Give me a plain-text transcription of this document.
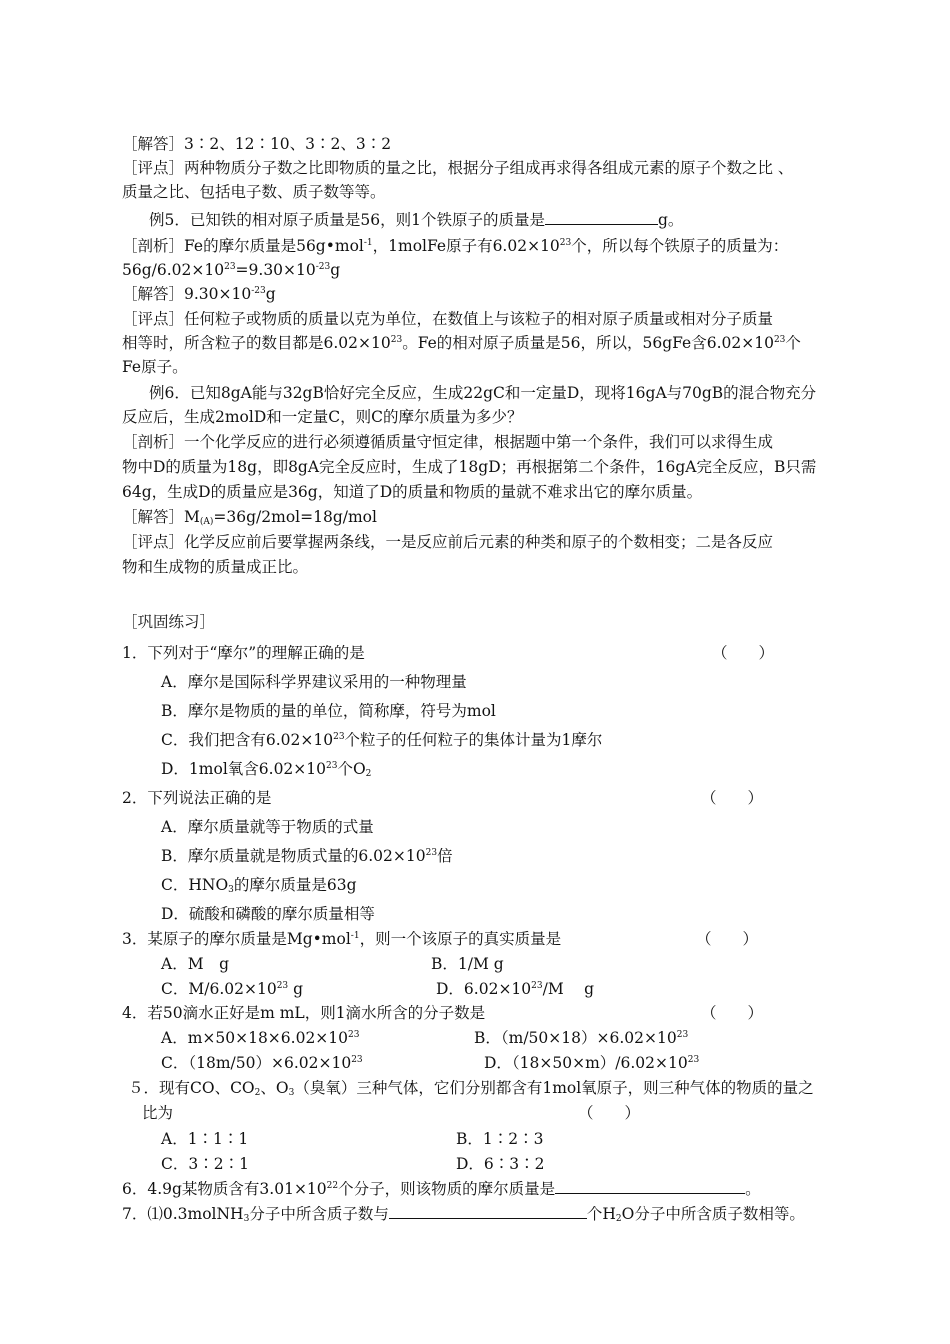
［解答］3∶2、12∶10、3∶2、3∶2
［评点］两种物质分子数之比即物质的量之比，根据分子组成再求得各组成元素的原子个数之比 、
质量之比、包括电子数、质子数等等。
例5．已知铁的相对原子质量是56，则1个铁原子的质量是	g。
［剖析］Fe的摩尔质量是56g•mol$^{-1}$，1molFe原子有$6.02\times 10^{23}$个，所以每个铁原子的质量为：
$56g/6.02\times 10^{23}=9.30\times 10^{-23}g$
［解答$]9.30\times 10^{-23}g$
［评点］任何粒子或物质的质量以克为单位，在数值上与该粒子的相对原子质量或相对分子质量
相等时，所含粒子的数目都是$6.02\times 10^{23}$。Fe的相对原子质量是56，所以，56gFe含$6.02\times 10^{23}$个
Fe原子。
例6．已知8gA能与32gB恰好完全反应，生成22gC和一定量D，现将16gA与70gB的混合物充分
反应后，生成2molD和一定量C，则C的摩尔质量为多少？
［剖析］一个化学反应的进行必须遵循质量守恒定律，根据题中第一个条件，我们可以求得生成
物中D的质量为18g，即8gA完全反应时，生成了18gD；再根据第二个条件，16gA完全反应，B只需
64g，生成D的质量应是36g，知道了D的质量和物质的量就不难求出它的摩尔质量。
［解答$]M_{(A)}=36g/2mol=18g$/mol
［评点］化学反应前后要掌握两条线，一是反应前后元素的种类和原子的个数相变；二是各反应
物和生成物的质量成正比。
［巩固练习］
1．下列对于“摩尔”的理解正确的是	（　　）
A．摩尔是国际科学界建议采用的一种物理量
B．摩尔是物质的量的单位，简称摩，符号为mol
C．我们把含有$6.02\times 10^{23}$个粒子的任何粒子的集体计量为1摩尔
D．1mol氧含$6.02\times 10^{23}$个$O_2$
2．下列说法正确的是	（　　）
A．摩尔质量就等于物质的式量
B．摩尔质量就是物质式量的$6.02\times 10^{23}$倍
C．$HNO_3$的摩尔质量是63g
D．硫酸和磷酸的摩尔质量相等
3．某原子的摩尔质量是Mg•mol$^{-1}$，则一个该原子的真实质量是	（　　）
A．M　g	B．1/M g
C．$M/6.02\times 10^{23}$ g	D．$6.02\times 10^{23}/M$　 g
4．若50滴水正好是m mL，则1滴水所含的分子数是	（　　）
A．$m\times 50\times 18\times 6.02\times 10^{23}$	B．$(m/50\times 18)\times 6.02\times 10^{23}$
C．$(18m/50)\times 6.02\times 10^{23}$	D．$(18\times 50\times m)/6.02\times 10^{23}$
５．现有CO、$CO_2$、$O_3$（臭氧）三种气体，它们分别都含有1mol氧原子，则三种气体的物质的量之
比为	（　　）
A．1∶1∶1	B．1∶2∶3
C．3∶2∶1	D．6∶3∶2
6．4.9g某物质含有$3.01\times 10^{22}$个分子，则该物质的摩尔质量是	。
7．⑴0.3molNH$_3$分子中所含质子数与	个$H_2O$分子中所含质子数相等。
